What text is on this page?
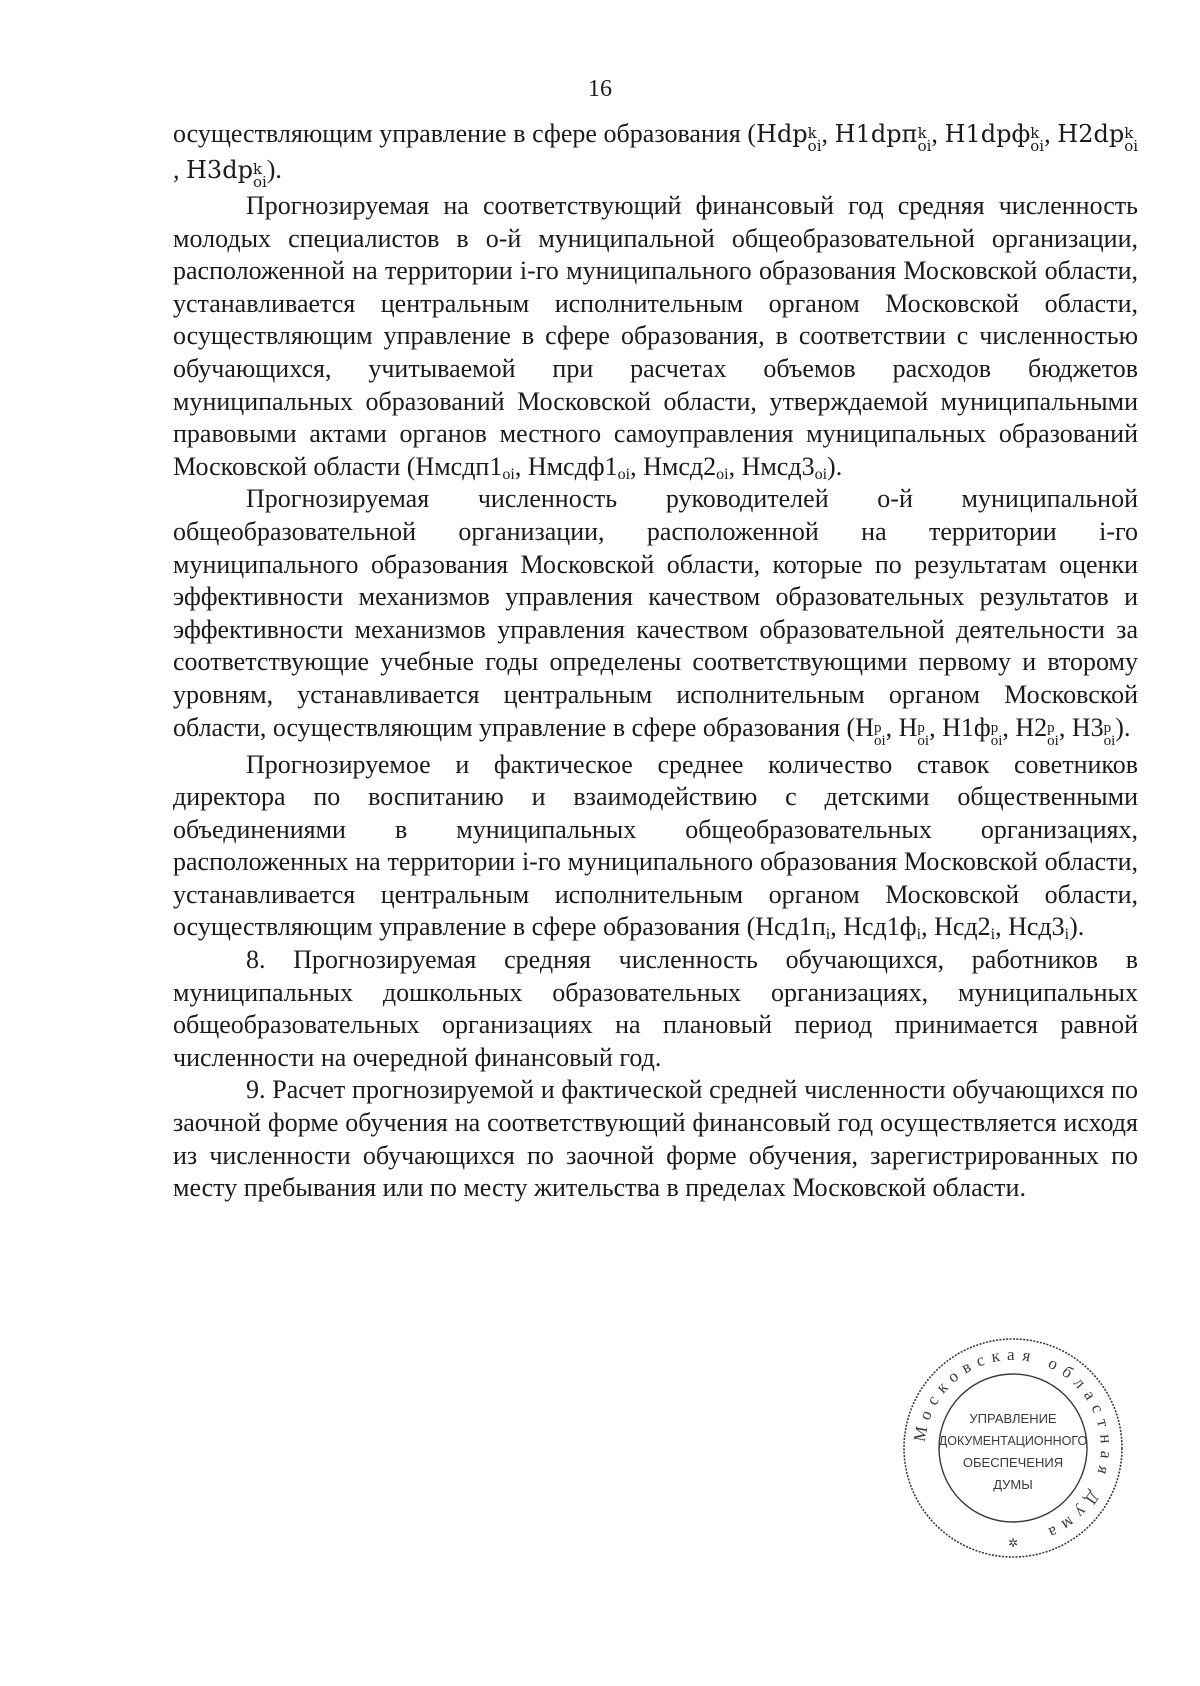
16

осуществляющим управление в сфере образования (Hdp k
oi , H1dpп k
oi , H1dpф k
oi , H2dp k
oi
, H3dp k
oi ).

Прогнозируемая на соответствующий финансовый год средняя численность молодых специалистов в о-й муниципальной общеобразовательной организации, расположенной на территории i-го муниципального образования Московской области, устанавливается центральным исполнительным органом Московской области, осуществляющим управление в сфере образования, в соответствии с численностью обучающихся, учитываемой при расчетах объемов расходов бюджетов муниципальных образований Московской области, утверждаемой муниципальными правовыми актами органов местного самоуправления муниципальных образований Московской области ($Нмсдп1_{oi}$, $Нмсдф1_{oi}$, $Нмсд2_{oi}$, $Нмсд3_{oi}$).

Прогнозируемая численность руководителей о-й муниципальной общеобразовательной организации, расположенной на территории i-го муниципального образования Московской области, которые по результатам оценки эффективности механизмов управления качеством образовательных результатов и эффективности механизмов управления качеством образовательной деятельности за соответствующие учебные годы определены соответствующими первому и второму уровням, устанавливается центральным исполнительным органом Московской области, осуществляющим управление в сфере образования (H p
oi , H p
oi , H1ф p
oi , H2 p
oi , H3 p
oi ).

Прогнозируемое и фактическое среднее количество ставок советников директора по воспитанию и взаимодействию с детскими общественными объединениями в муниципальных общеобразовательных организациях, расположенных на территории i-го муниципального образования Московской области, устанавливается центральным исполнительным органом Московской области, осуществляющим управление в сфере образования ($Нсд1п_i$, $Нсд1ф_i$, $Нсд2_i$, $Нсд3_i$).

8. Прогнозируемая средняя численность обучающихся, работников в муниципальных дошкольных образовательных организациях, муниципальных общеобразовательных организациях на плановый период принимается равной численности на очередной финансовый год.

9. Расчет прогнозируемой и фактической средней численности обучающихся по заочной форме обучения на соответствующий финансовый год осуществляется исходя из численности обучающихся по заочной форме обучения, зарегистрированных по месту пребывания или по месту жительства в пределах Московской области.

Московская областная Дума
УПРАВЛЕНИЕ
ДОКУМЕНТАЦИОННОГО
ОБЕСПЕЧЕНИЯ
ДУМЫ
✲
